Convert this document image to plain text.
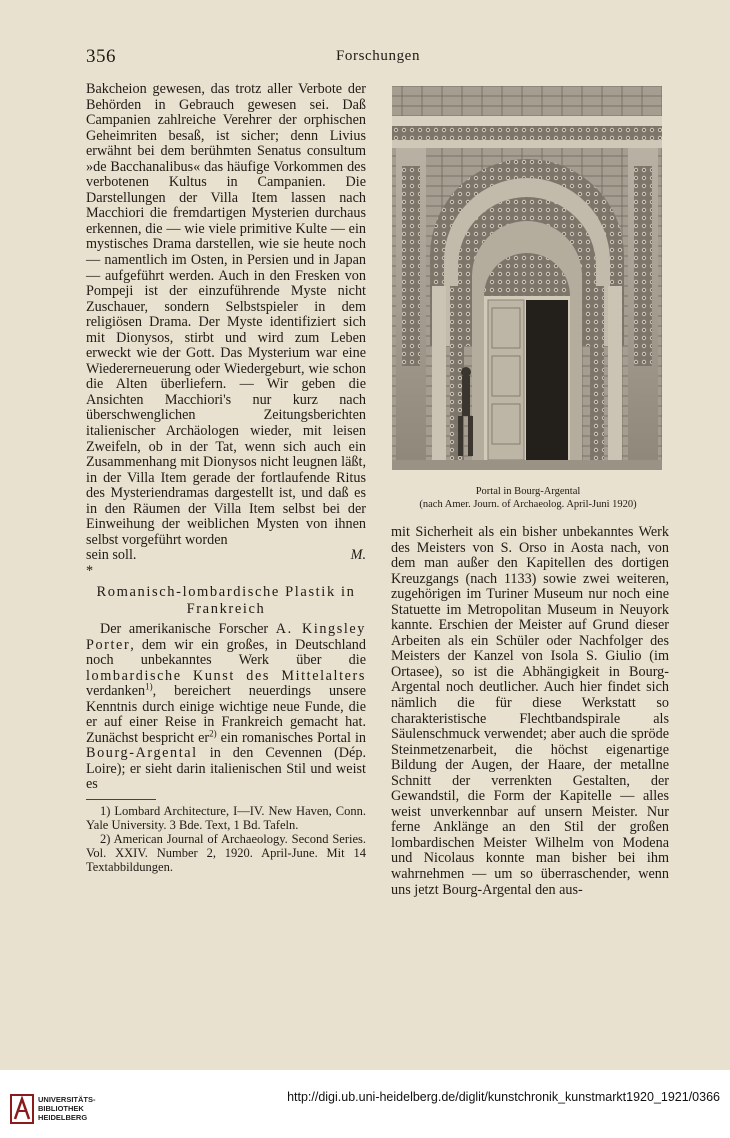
356	Forschungen

Bakcheion gewesen, das trotz aller Verbote der Behörden in Gebrauch gewesen sei. Daß Campanien zahlreiche Verehrer der orphischen Geheimriten besaß, ist sicher; denn Livius erwähnt bei dem berühmten Senatus consultum »de Bacchanalibus« das häufige Vorkommen des verbotenen Kultus in Campanien. Die Darstellungen der Villa Item lassen nach Macchiori die fremdartigen Mysterien durchaus erkennen, die — wie viele primitive Kulte — ein mystisches Drama darstellen, wie sie heute noch — namentlich im Osten, in Persien und in Japan — aufgeführt werden. Auch in den Fresken von Pompeji ist der einzuführende Myste nicht Zuschauer, sondern Selbstspieler in dem religiösen Drama. Der Myste identifiziert sich mit Dionysos, stirbt und wird zum Leben erweckt wie der Gott. Das Mysterium war eine Wiedererneuerung oder Wiedergeburt, wie schon die Alten überliefern. — Wir geben die Ansichten Macchiori's nur kurz nach überschwenglichen Zeitungsberichten italienischer Archäologen wieder, mit leisen Zweifeln, ob in der Tat, wenn sich auch ein Zusammenhang mit Dionysos nicht leugnen läßt, in der Villa Item gerade der fortlaufende Ritus des Mysteriendramas dargestellt ist, und daß es in den Räumen der Villa Item selbst bei der Einweihung der weiblichen Mysten von ihnen selbst vorgeführt worden

sein soll.	M.

*

Romanisch-lombardische Plastik in
Frankreich

Der amerikanische Forscher A. Kingsley Porter, dem wir ein großes, in Deutschland noch unbekanntes Werk über die lombardische Kunst des Mittelalters verdanken$^{1)}$, bereichert neuerdings unsere Kenntnis durch einige wichtige neue Funde, die er auf einer Reise in Frankreich gemacht hat. Zunächst bespricht $er^{2)}$ ein romanisches Portal in Bourg-Argental in den Cevennen (Dép. Loire); er sieht darin italienischen Stil und weist es

1) Lombard Architecture, I—IV. New Haven, Conn. Yale University. 3 Bde. Text, 1 Bd. Tafeln.

2) American Journal of Archaeology. Second Series. Vol. XXIV. Number 2, 1920. April-June. Mit 14 Textabbildungen.

Portal in Bourg-Argental
(nach Amer. Journ. of Archaeolog. April-Juni 1920)

mit Sicherheit als ein bisher unbekanntes Werk des Meisters von S. Orso in Aosta nach, von dem man außer den Kapitellen des dortigen Kreuzgangs (nach 1133) sowie zwei weiteren, zugehörigen im Turiner Museum nur noch eine Statuette im Metropolitan Museum in Neuyork kannte. Erschien der Meister auf Grund dieser Arbeiten als ein Schüler oder Nachfolger des Meisters der Kanzel von Isola S. Giulio (im Ortasee), so ist die Abhängigkeit in Bourg-Argental noch deutlicher. Auch hier findet sich nämlich die für diese Werkstatt so charakteristische Flechtbandspirale als Säulenschmuck verwendet; aber auch die spröde Steinmetzenarbeit, die höchst eigenartige Bildung der Augen, der Haare, der metallne Schnitt der verrenkten Gestalten, der Gewandstil, die Form der Kapitelle — alles weist unverkennbar auf unsern Meister. Nur ferne Anklänge an den Stil der großen lombardischen Meister Wilhelm von Modena und Nicolaus konnte man bisher bei ihm wahrnehmen — um so überraschender, wenn uns jetzt Bourg-Argental den aus-

UNIVERSITÄTS-
BIBLIOTHEK
HEIDELBERG
http://digi.ub.uni-heidelberg.de/diglit/kunstchronik_kunstmarkt1920_1921/0366
